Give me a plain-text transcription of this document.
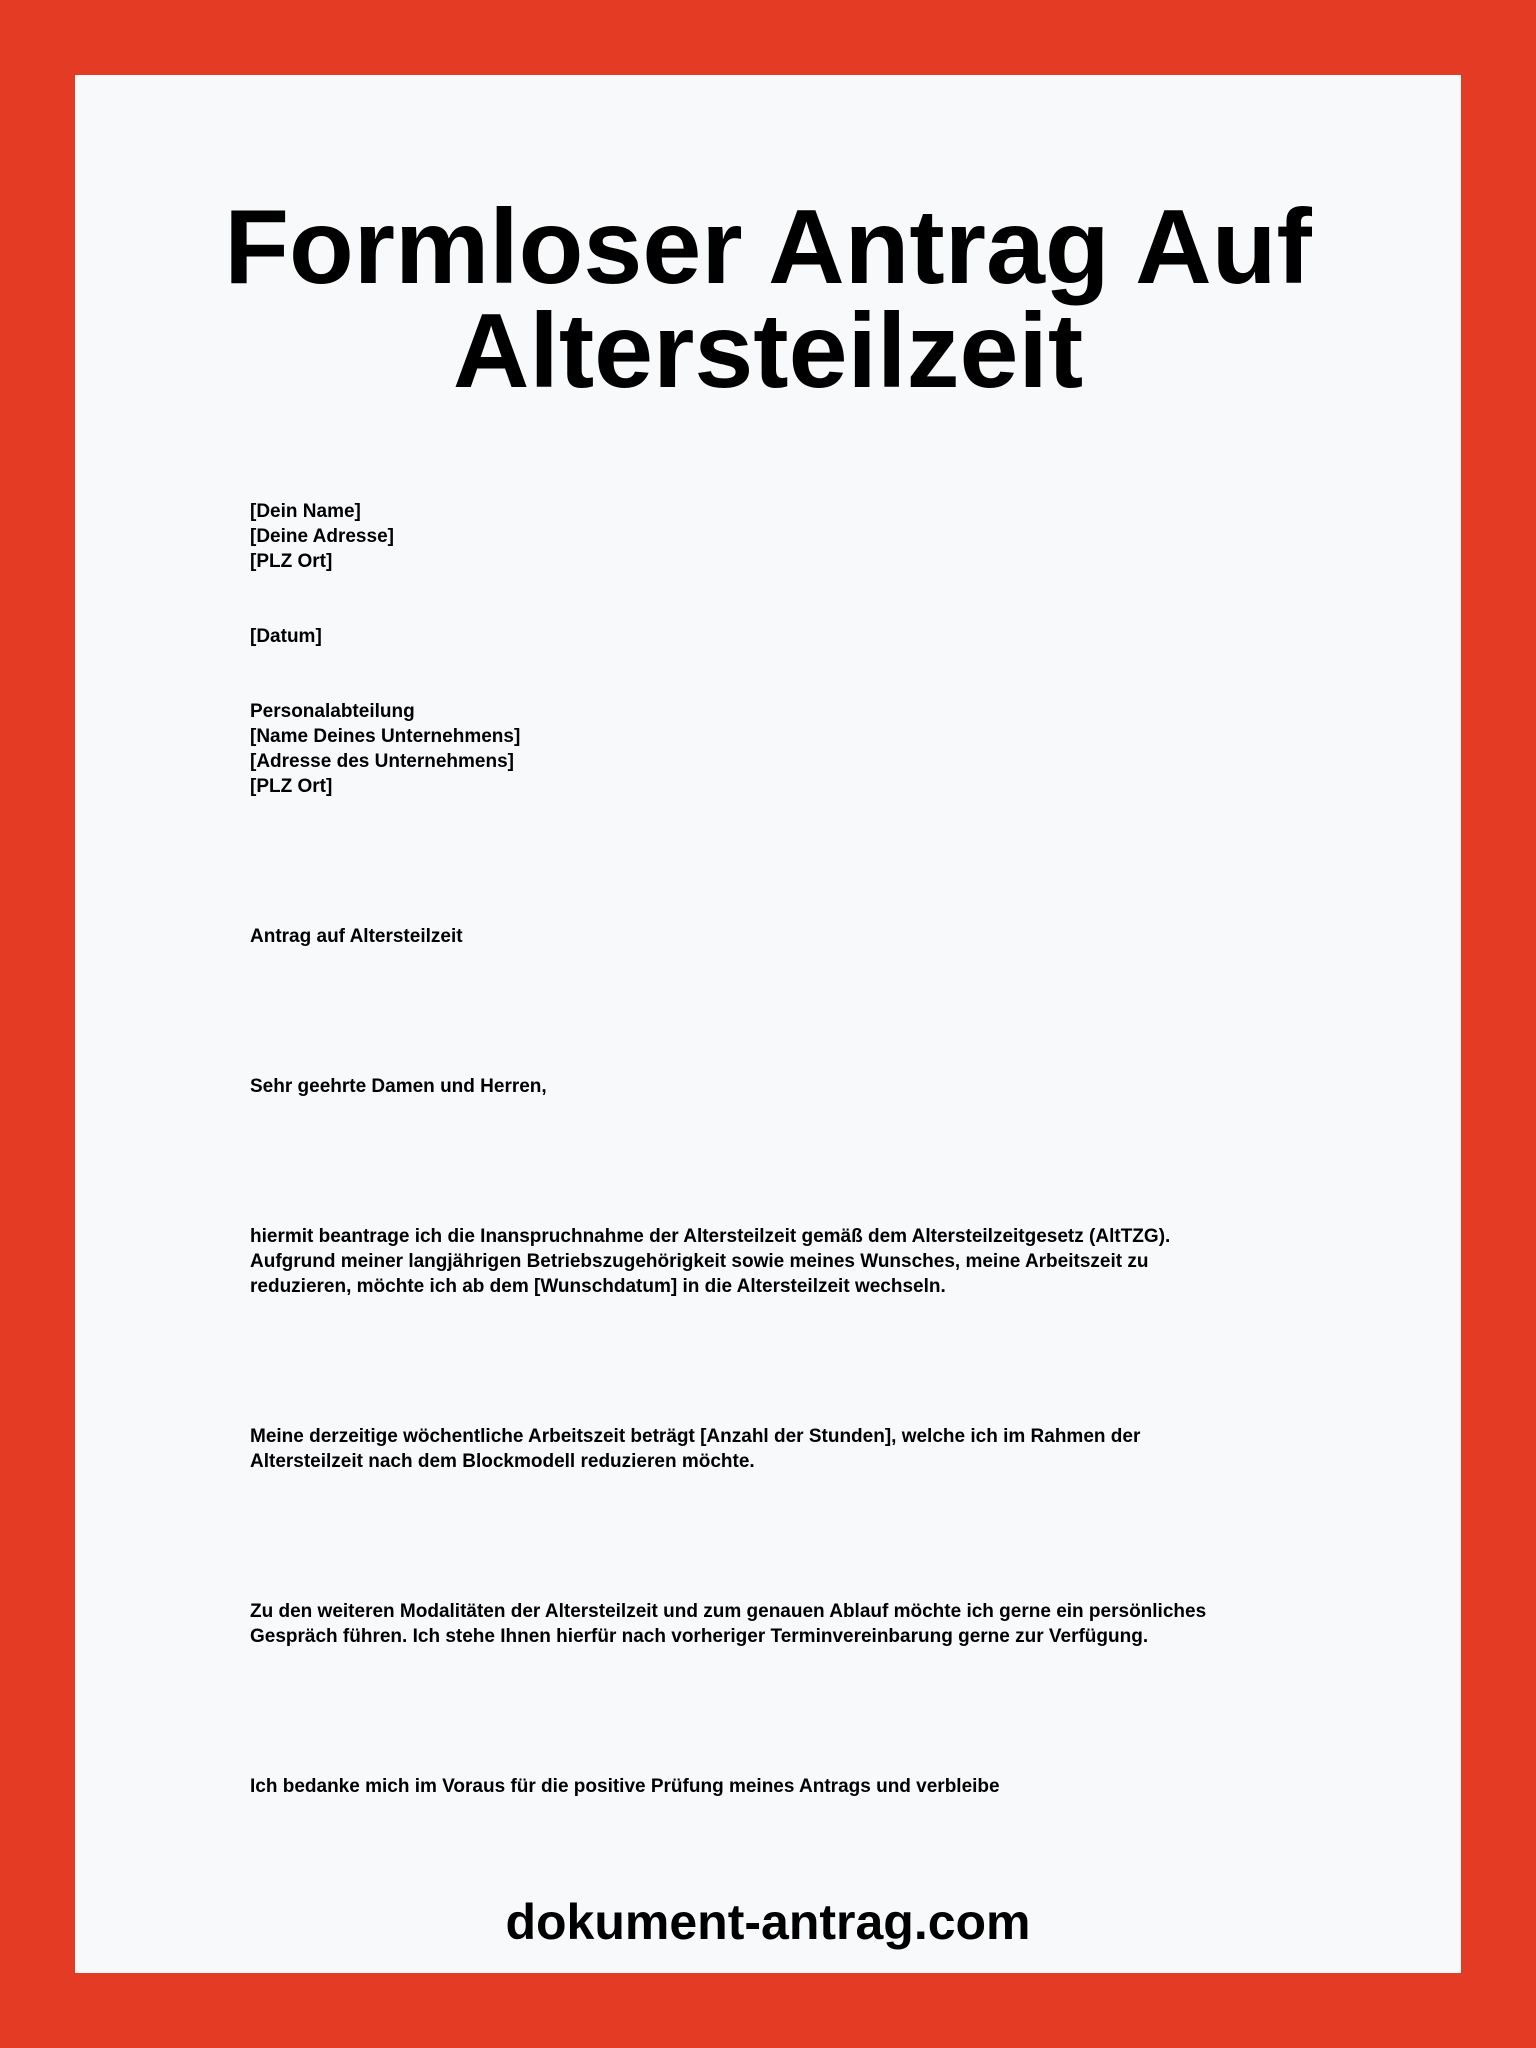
Formloser Antrag Auf
Altersteilzeit
[Dein Name]
[Deine Adresse]
[PLZ Ort]
[Datum]
Personalabteilung
[Name Deines Unternehmens]
[Adresse des Unternehmens]
[PLZ Ort]
Antrag auf Altersteilzeit
Sehr geehrte Damen und Herren,
hiermit beantrage ich die Inanspruchnahme der Altersteilzeit gemäß dem Altersteilzeitgesetz (AltTZG).
Aufgrund meiner langjährigen Betriebszugehörigkeit sowie meines Wunsches, meine Arbeitszeit zu
reduzieren, möchte ich ab dem [Wunschdatum] in die Altersteilzeit wechseln.
Meine derzeitige wöchentliche Arbeitszeit beträgt [Anzahl der Stunden], welche ich im Rahmen der
Altersteilzeit nach dem Blockmodell reduzieren möchte.
Zu den weiteren Modalitäten der Altersteilzeit und zum genauen Ablauf möchte ich gerne ein persönliches
Gespräch führen. Ich stehe Ihnen hierfür nach vorheriger Terminvereinbarung gerne zur Verfügung.
Ich bedanke mich im Voraus für die positive Prüfung meines Antrags und verbleibe
dokument-antrag.com
